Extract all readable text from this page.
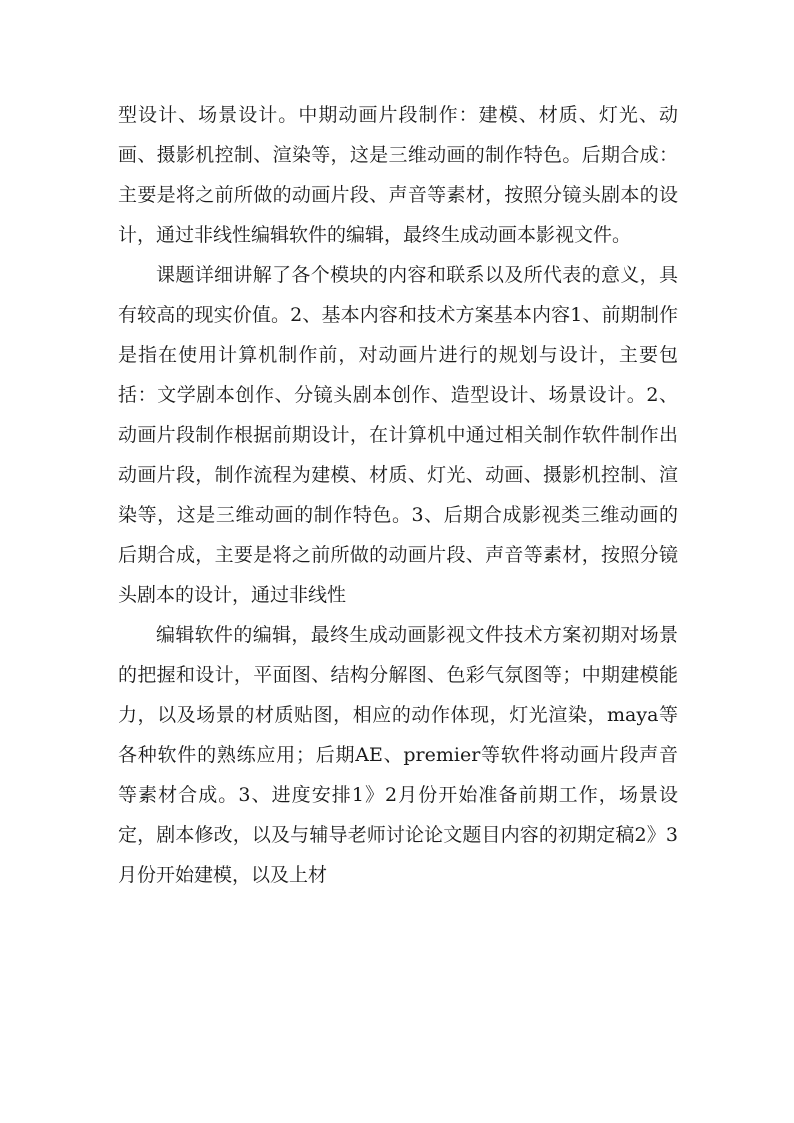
型设计、场景设计。中期动画片段制作：建模、材质、灯光、动画、摄影机控制、渲染等，这是三维动画的制作特色。后期合成：主要是将之前所做的动画片段、声音等素材，按照分镜头剧本的设计，通过非线性编辑软件的编辑，最终生成动画本影视文件。

课题详细讲解了各个模块的内容和联系以及所代表的意义，具有较高的现实价值。2、基本内容和技术方案基本内容1、前期制作是指在使用计算机制作前，对动画片进行的规划与设计，主要包括：文学剧本创作、分镜头剧本创作、造型设计、场景设计。2、动画片段制作根据前期设计，在计算机中通过相关制作软件制作出动画片段，制作流程为建模、材质、灯光、动画、摄影机控制、渲染等，这是三维动画的制作特色。3、后期合成影视类三维动画的后期合成，主要是将之前所做的动画片段、声音等素材，按照分镜头剧本的设计，通过非线性

编辑软件的编辑，最终生成动画影视文件技术方案初期对场景的把握和设计，平面图、结构分解图、色彩气氛图等；中期建模能力，以及场景的材质贴图，相应的动作体现，灯光渲染，maya等各种软件的熟练应用；后期AE、premier等软件将动画片段声音等素材合成。3、进度安排1》2月份开始准备前期工作，场景设定，剧本修改，以及与辅导老师讨论论文题目内容的初期定稿2》3月份开始建模，以及上材
